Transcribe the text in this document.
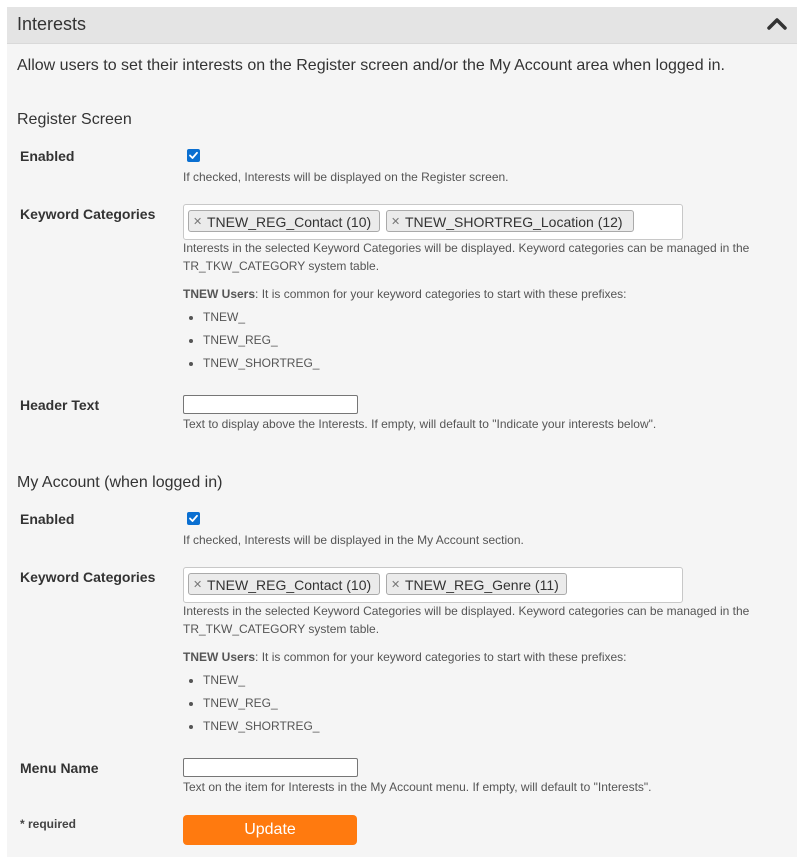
Interests
Allow users to set their interests on the Register screen and/or the My Account area when logged in.
Register Screen
Enabled
If checked, Interests will be displayed on the Register screen.
Keyword Categories	✕ TNEW_REG_Contact (10) ✕ TNEW_SHORTREG_Location (12)
Interests in the selected Keyword Categories will be displayed. Keyword categories can be managed in the
TR_TKW_CATEGORY system table.
TNEW Users: It is common for your keyword categories to start with these prefixes:
• TNEW_
• TNEW_REG_
• TNEW_SHORTREG_
Header Text
Text to display above the Interests. If empty, will default to "Indicate your interests below".
My Account (when logged in)
Enabled
If checked, Interests will be displayed in the My Account section.
Keyword Categories	✕ TNEW_REG_Contact (10) ✕ TNEW_REG_Genre (11)
Interests in the selected Keyword Categories will be displayed. Keyword categories can be managed in the
TR_TKW_CATEGORY system table.
TNEW Users: It is common for your keyword categories to start with these prefixes:
• TNEW_
• TNEW_REG_
• TNEW_SHORTREG_
Menu Name
Text on the item for Interests in the My Account menu. If empty, will default to "Interests".
* required	Update
